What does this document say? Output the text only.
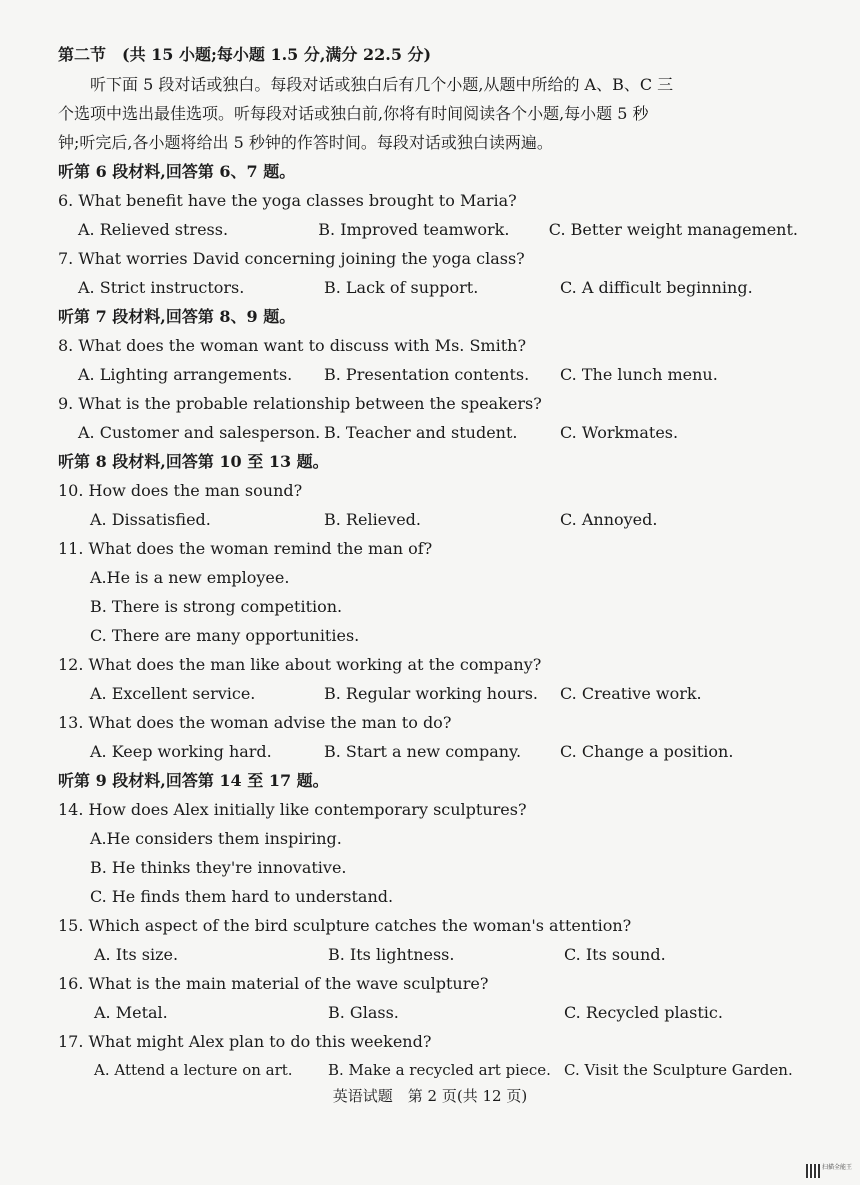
第二节　(共 15 小题;每小题 1.5 分,满分 22.5 分)

听下面 5 段对话或独白。每段对话或独白后有几个小题,从题中所给的 A、B、C 三

个选项中选出最佳选项。听每段对话或独白前,你将有时间阅读各个小题,每小题 5 秒

钟;听完后,各小题将给出 5 秒钟的作答时间。每段对话或独白读两遍。

听第 6 段材料,回答第 6、7 题。
6. What benefit have the yoga classes brought to Maria?
A. Relieved stress.	B. Improved teamwork.	C. Better weight management.
7. What worries David concerning joining the yoga class?
A. Strict instructors.	B. Lack of support.	C. A difficult beginning.
听第 7 段材料,回答第 8、9 题。
8. What does the woman want to discuss with Ms. Smith?
A. Lighting arrangements.	B. Presentation contents.	C. The lunch menu.
9. What is the probable relationship between the speakers?
A. Customer and salesperson. B. Teacher and student.	C. Workmates.
听第 8 段材料,回答第 10 至 13 题。
10. How does the man sound?
A. Dissatisfied.	B. Relieved.	C. Annoyed.
11. What does the woman remind the man of?
A.He is a new employee.
B. There is strong competition.
C. There are many opportunities.
12. What does the man like about working at the company?
A. Excellent service.	B. Regular working hours.	C. Creative work.
13. What does the woman advise the man to do?
A. Keep working hard.	B. Start a new company.	C. Change a position.
听第 9 段材料,回答第 14 至 17 题。
14. How does Alex initially like contemporary sculptures?
A.He considers them inspiring.
B. He thinks they're innovative.
C. He finds them hard to understand.
15. Which aspect of the bird sculpture catches the woman's attention?
A. Its size.	B. Its lightness.	C. Its sound.
16. What is the main material of the wave sculpture?
A. Metal.	B. Glass.	C. Recycled plastic.
17. What might Alex plan to do this weekend?
A. Attend a lecture on art.	B. Make a recycled art piece. C. Visit the Sculpture Garden.
英语试题　第 2 页(共 12 页)
扫描全能王
